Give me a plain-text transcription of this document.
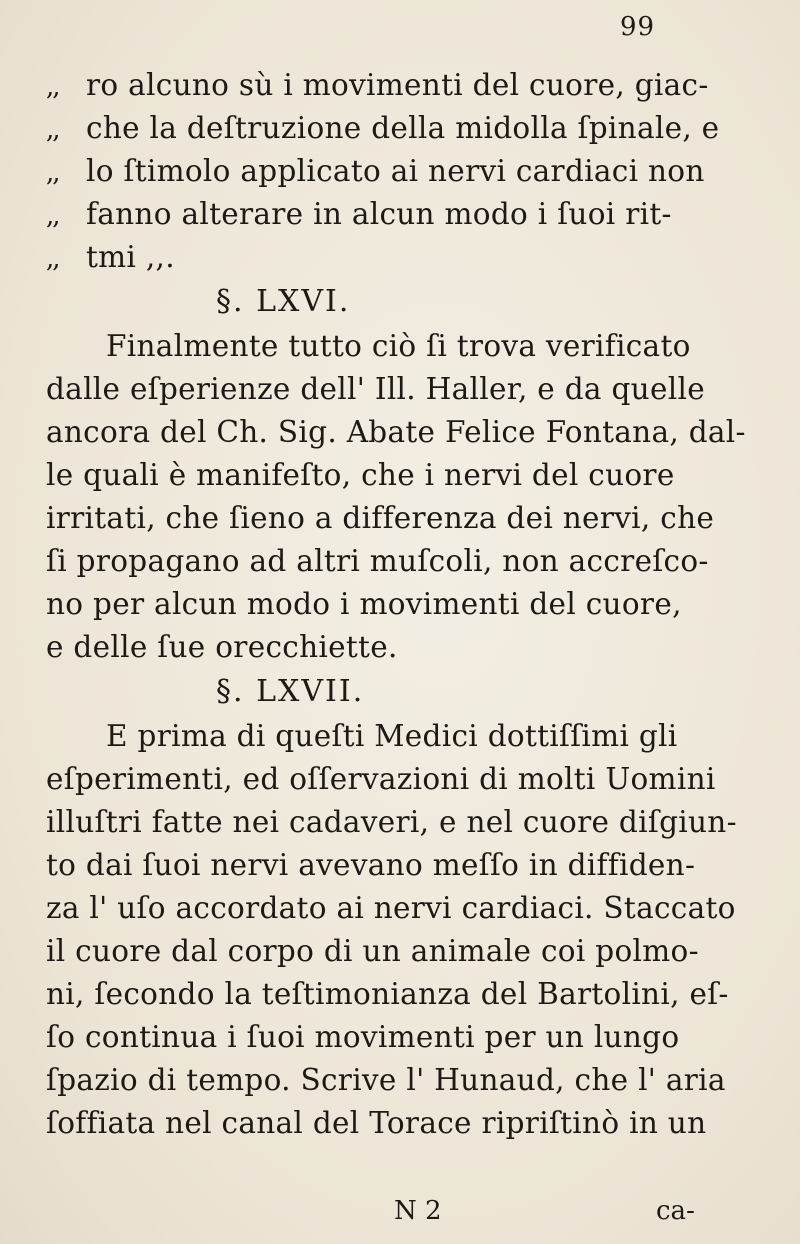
99
,, ro alcuno sù i movimenti del cuore, giac-
,, che la deſtruzione della midolla ſpinale, e
,, lo ſtimolo applicato ai nervi cardiaci non
,, fanno alterare in alcun modo i ſuoi rit-
,, tmi ,,.
§. LXVI.
Finalmente tutto ciò ſi trova verificato
dalle eſperienze dell' Ill. Haller, e da quelle
ancora del Ch. Sig. Abate Felice Fontana, dal-
le quali è manifeſto, che i nervi del cuore
irritati, che ſieno a differenza dei nervi, che
ſi propagano ad altri muſcoli, non accreſco-
no per alcun modo i movimenti del cuore,
e delle ſue orecchiette.
§. LXVII.
E prima di queſti Medici dottiſſimi gli
eſperimenti, ed oſſervazioni di molti Uomini
illuſtri fatte nei cadaveri, e nel cuore diſgiun-
to dai ſuoi nervi avevano meſſo in diffiden-
za l' uſo accordato ai nervi cardiaci. Staccato
il cuore dal corpo di un animale coi polmo-
ni, ſecondo la teſtimonianza del Bartolini, eſ-
ſo continua i ſuoi movimenti per un lungo
ſpazio di tempo. Scrive l' Hunaud, che l' aria
ſoffiata nel canal del Torace ripriſtinò in un
N 2	ca-
